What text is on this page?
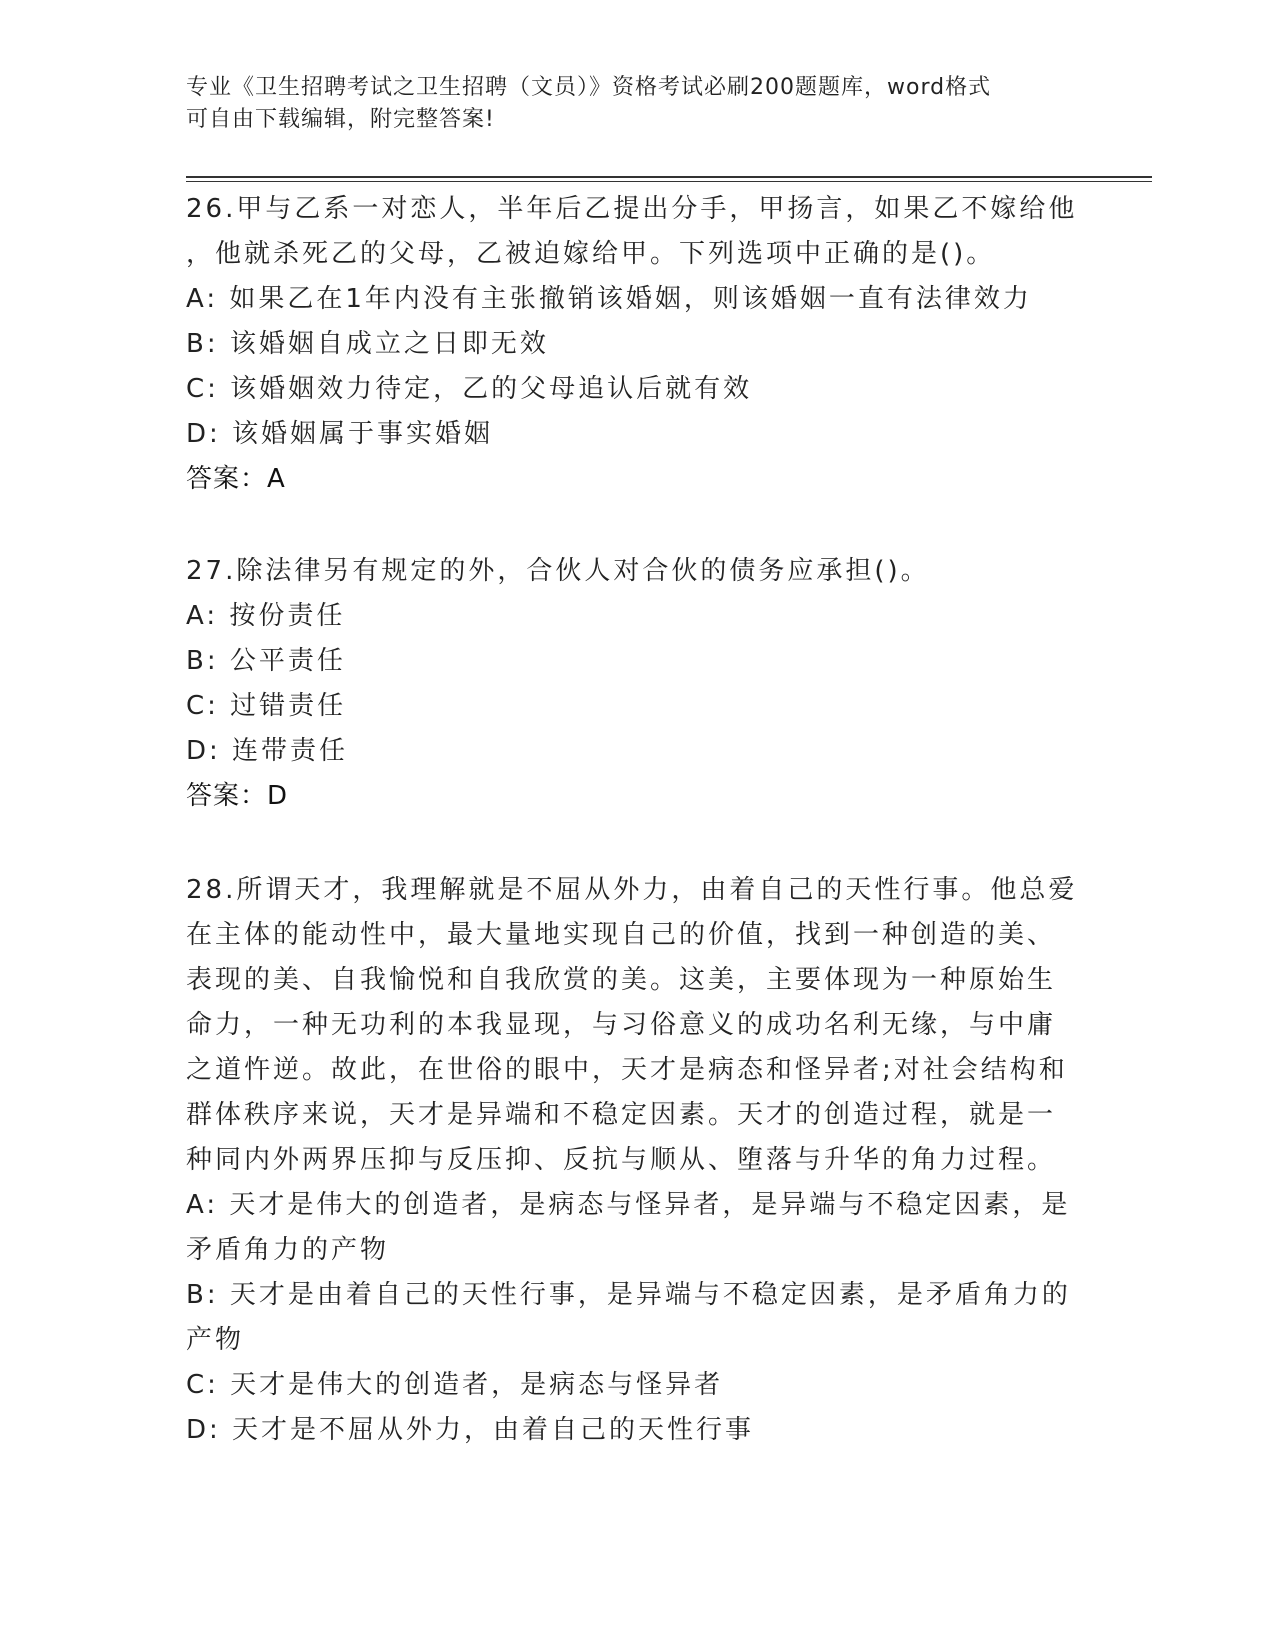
专业《卫生招聘考试之卫生招聘（文员）》资格考试必刷200题题库，word格式
可自由下载编辑，附完整答案!
26.甲与乙系一对恋人，半年后乙提出分手，甲扬言，如果乙不嫁给他
，他就杀死乙的父母，乙被迫嫁给甲。下列选项中正确的是()。
A: 如果乙在1年内没有主张撤销该婚姻，则该婚姻一直有法律效力
B: 该婚姻自成立之日即无效
C: 该婚姻效力待定，乙的父母追认后就有效
D: 该婚姻属于事实婚姻
答案：A
27.除法律另有规定的外，合伙人对合伙的债务应承担()。
A: 按份责任
B: 公平责任
C: 过错责任
D: 连带责任
答案：D
28.所谓天才，我理解就是不屈从外力，由着自己的天性行事。他总爱
在主体的能动性中，最大量地实现自己的价值，找到一种创造的美、
表现的美、自我愉悦和自我欣赏的美。这美，主要体现为一种原始生
命力，一种无功利的本我显现，与习俗意义的成功名利无缘，与中庸
之道忤逆。故此，在世俗的眼中，天才是病态和怪异者;对社会结构和
群体秩序来说，天才是异端和不稳定因素。天才的创造过程，就是一
种同内外两界压抑与反压抑、反抗与顺从、堕落与升华的角力过程。
A: 天才是伟大的创造者，是病态与怪异者，是异端与不稳定因素，是
矛盾角力的产物
B: 天才是由着自己的天性行事，是异端与不稳定因素，是矛盾角力的
产物
C: 天才是伟大的创造者，是病态与怪异者
D: 天才是不屈从外力，由着自己的天性行事
